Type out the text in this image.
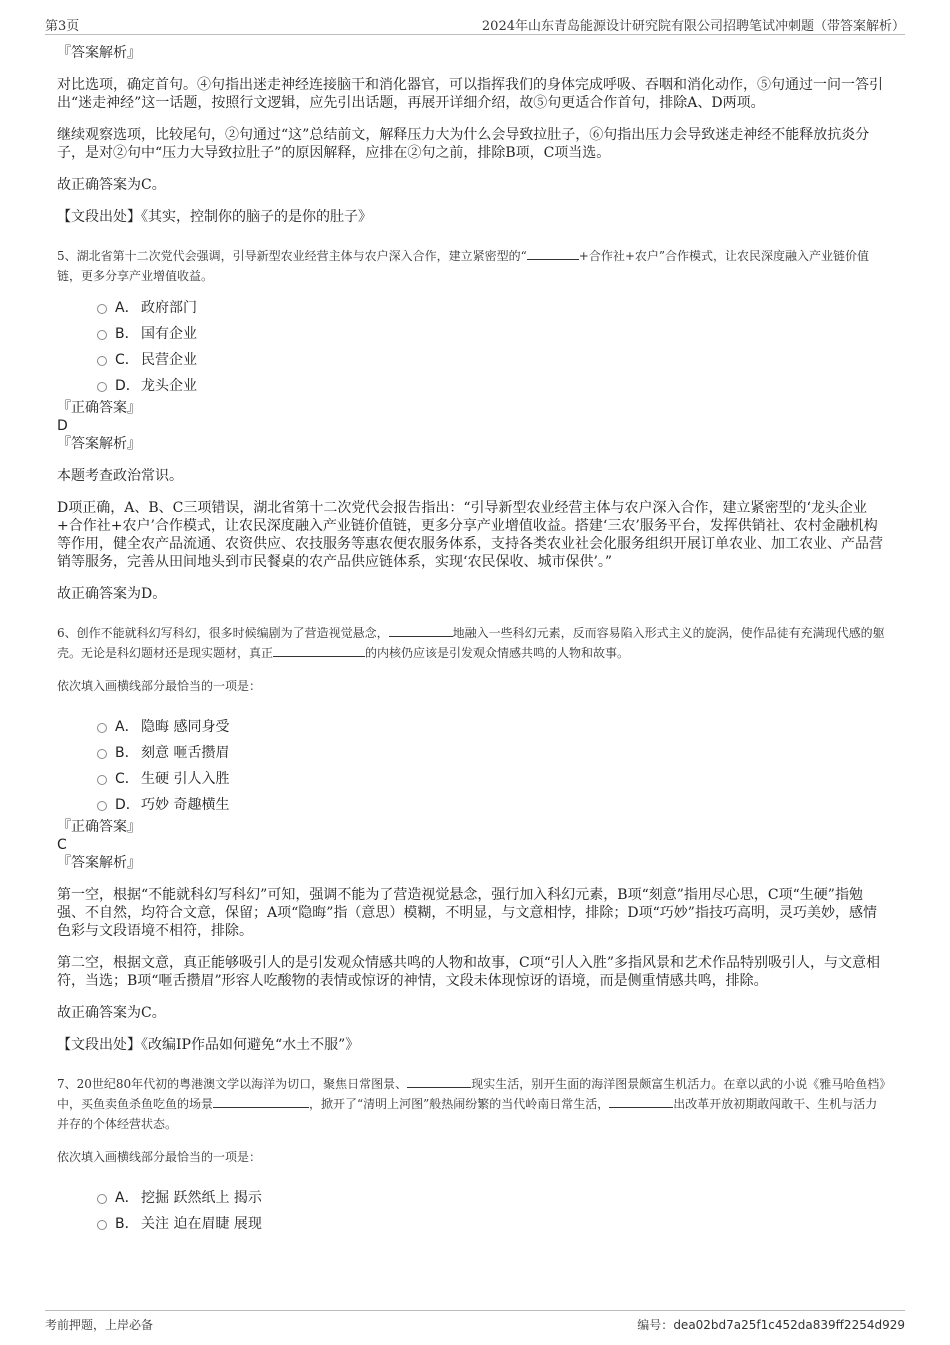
第3页	2024年山东青岛能源设计研究院有限公司招聘笔试冲刺题（带答案解析）

『答案解析』

对比选项，确定首句。④句指出迷走神经连接脑干和消化器官，可以指挥我们的身体完成呼吸、吞咽和消化动作，⑤句通过一问一答引出“迷走神经”这一话题，按照行文逻辑，应先引出话题，再展开详细介绍，故⑤句更适合作首句，排除A、D两项。

继续观察选项，比较尾句，②句通过“这”总结前文，解释压力大为什么会导致拉肚子，⑥句指出压力会导致迷走神经不能释放抗炎分子，是对②句中“压力大导致拉肚子”的原因解释，应排在②句之前，排除B项，C项当选。

故正确答案为C。

【文段出处】《其实，控制你的脑子的是你的肚子》

5、湖北省第十二次党代会强调，引导新型农业经营主体与农户深入合作，建立紧密型的“	+合作社+农户”合作模式，让农民深度融入产业链价值链，更多分享产业增值收益。

A． 政府部门
B． 国有企业
C． 民营企业
D．龙头企业

『正确答案』

D

『答案解析』

本题考查政治常识。

D项正确，A、B、C三项错误，湖北省第十二次党代会报告指出：“引导新型农业经营主体与农户深入合作，建立紧密型的‘龙头企业+合作社+农户’合作模式，让农民深度融入产业链价值链，更多分享产业增值收益。搭建‘三农’服务平台，发挥供销社、农村金融机构等作用，健全农产品流通、农资供应、农技服务等惠农便农服务体系，支持各类农业社会化服务组织开展订单农业、加工农业、产品营销等服务，完善从田间地头到市民餐桌的农产品供应链体系，实现‘农民保收、城市保供’。”

故正确答案为D。

6、创作不能就科幻写科幻，很多时候编剧为了营造视觉悬念，	地融入一些科幻元素，反而容易陷入形式主义的旋涡，使作品徒有充满现代感的躯壳。无论是科幻题材还是现实题材，真正	的内核仍应该是引发观众情感共鸣的人物和故事。

依次填入画横线部分最恰当的一项是：

A． 隐晦 感同身受
B． 刻意 咂舌攒眉
C． 生硬 引人入胜
D．巧妙 奇趣横生

『正确答案』

C

『答案解析』

第一空，根据“不能就科幻写科幻”可知，强调不能为了营造视觉悬念，强行加入科幻元素，B项“刻意”指用尽心思，C项“生硬”指勉强、不自然，均符合文意，保留；A项“隐晦”指（意思）模糊，不明显，与文意相悖，排除；D项“巧妙”指技巧高明，灵巧美妙，感情色彩与文段语境不相符，排除。

第二空，根据文意，真正能够吸引人的是引发观众情感共鸣的人物和故事，C项“引人入胜”多指风景和艺术作品特别吸引人，与文意相符，当选；B项“咂舌攒眉”形容人吃酸物的表情或惊讶的神情，文段未体现惊讶的语境，而是侧重情感共鸣，排除。

故正确答案为C。

【文段出处】《改编IP作品如何避免“水土不服”》

7、20世纪80年代初的粤港澳文学以海洋为切口，聚焦日常图景、	现实生活，别开生面的海洋图景颇富生机活力。在章以武的小说《雅马哈鱼档》中，买鱼卖鱼杀鱼吃鱼的场景	，掀开了“清明上河图”般热闹纷繁的当代岭南日常生活，	出改革开放初期敢闯敢干、生机与活力并存的个体经营状态。

依次填入画横线部分最恰当的一项是：

A． 挖掘 跃然纸上 揭示
B． 关注 迫在眉睫 展现
考前押题，上岸必备	编号：dea02bd7a25f1c452da839ff2254d929
